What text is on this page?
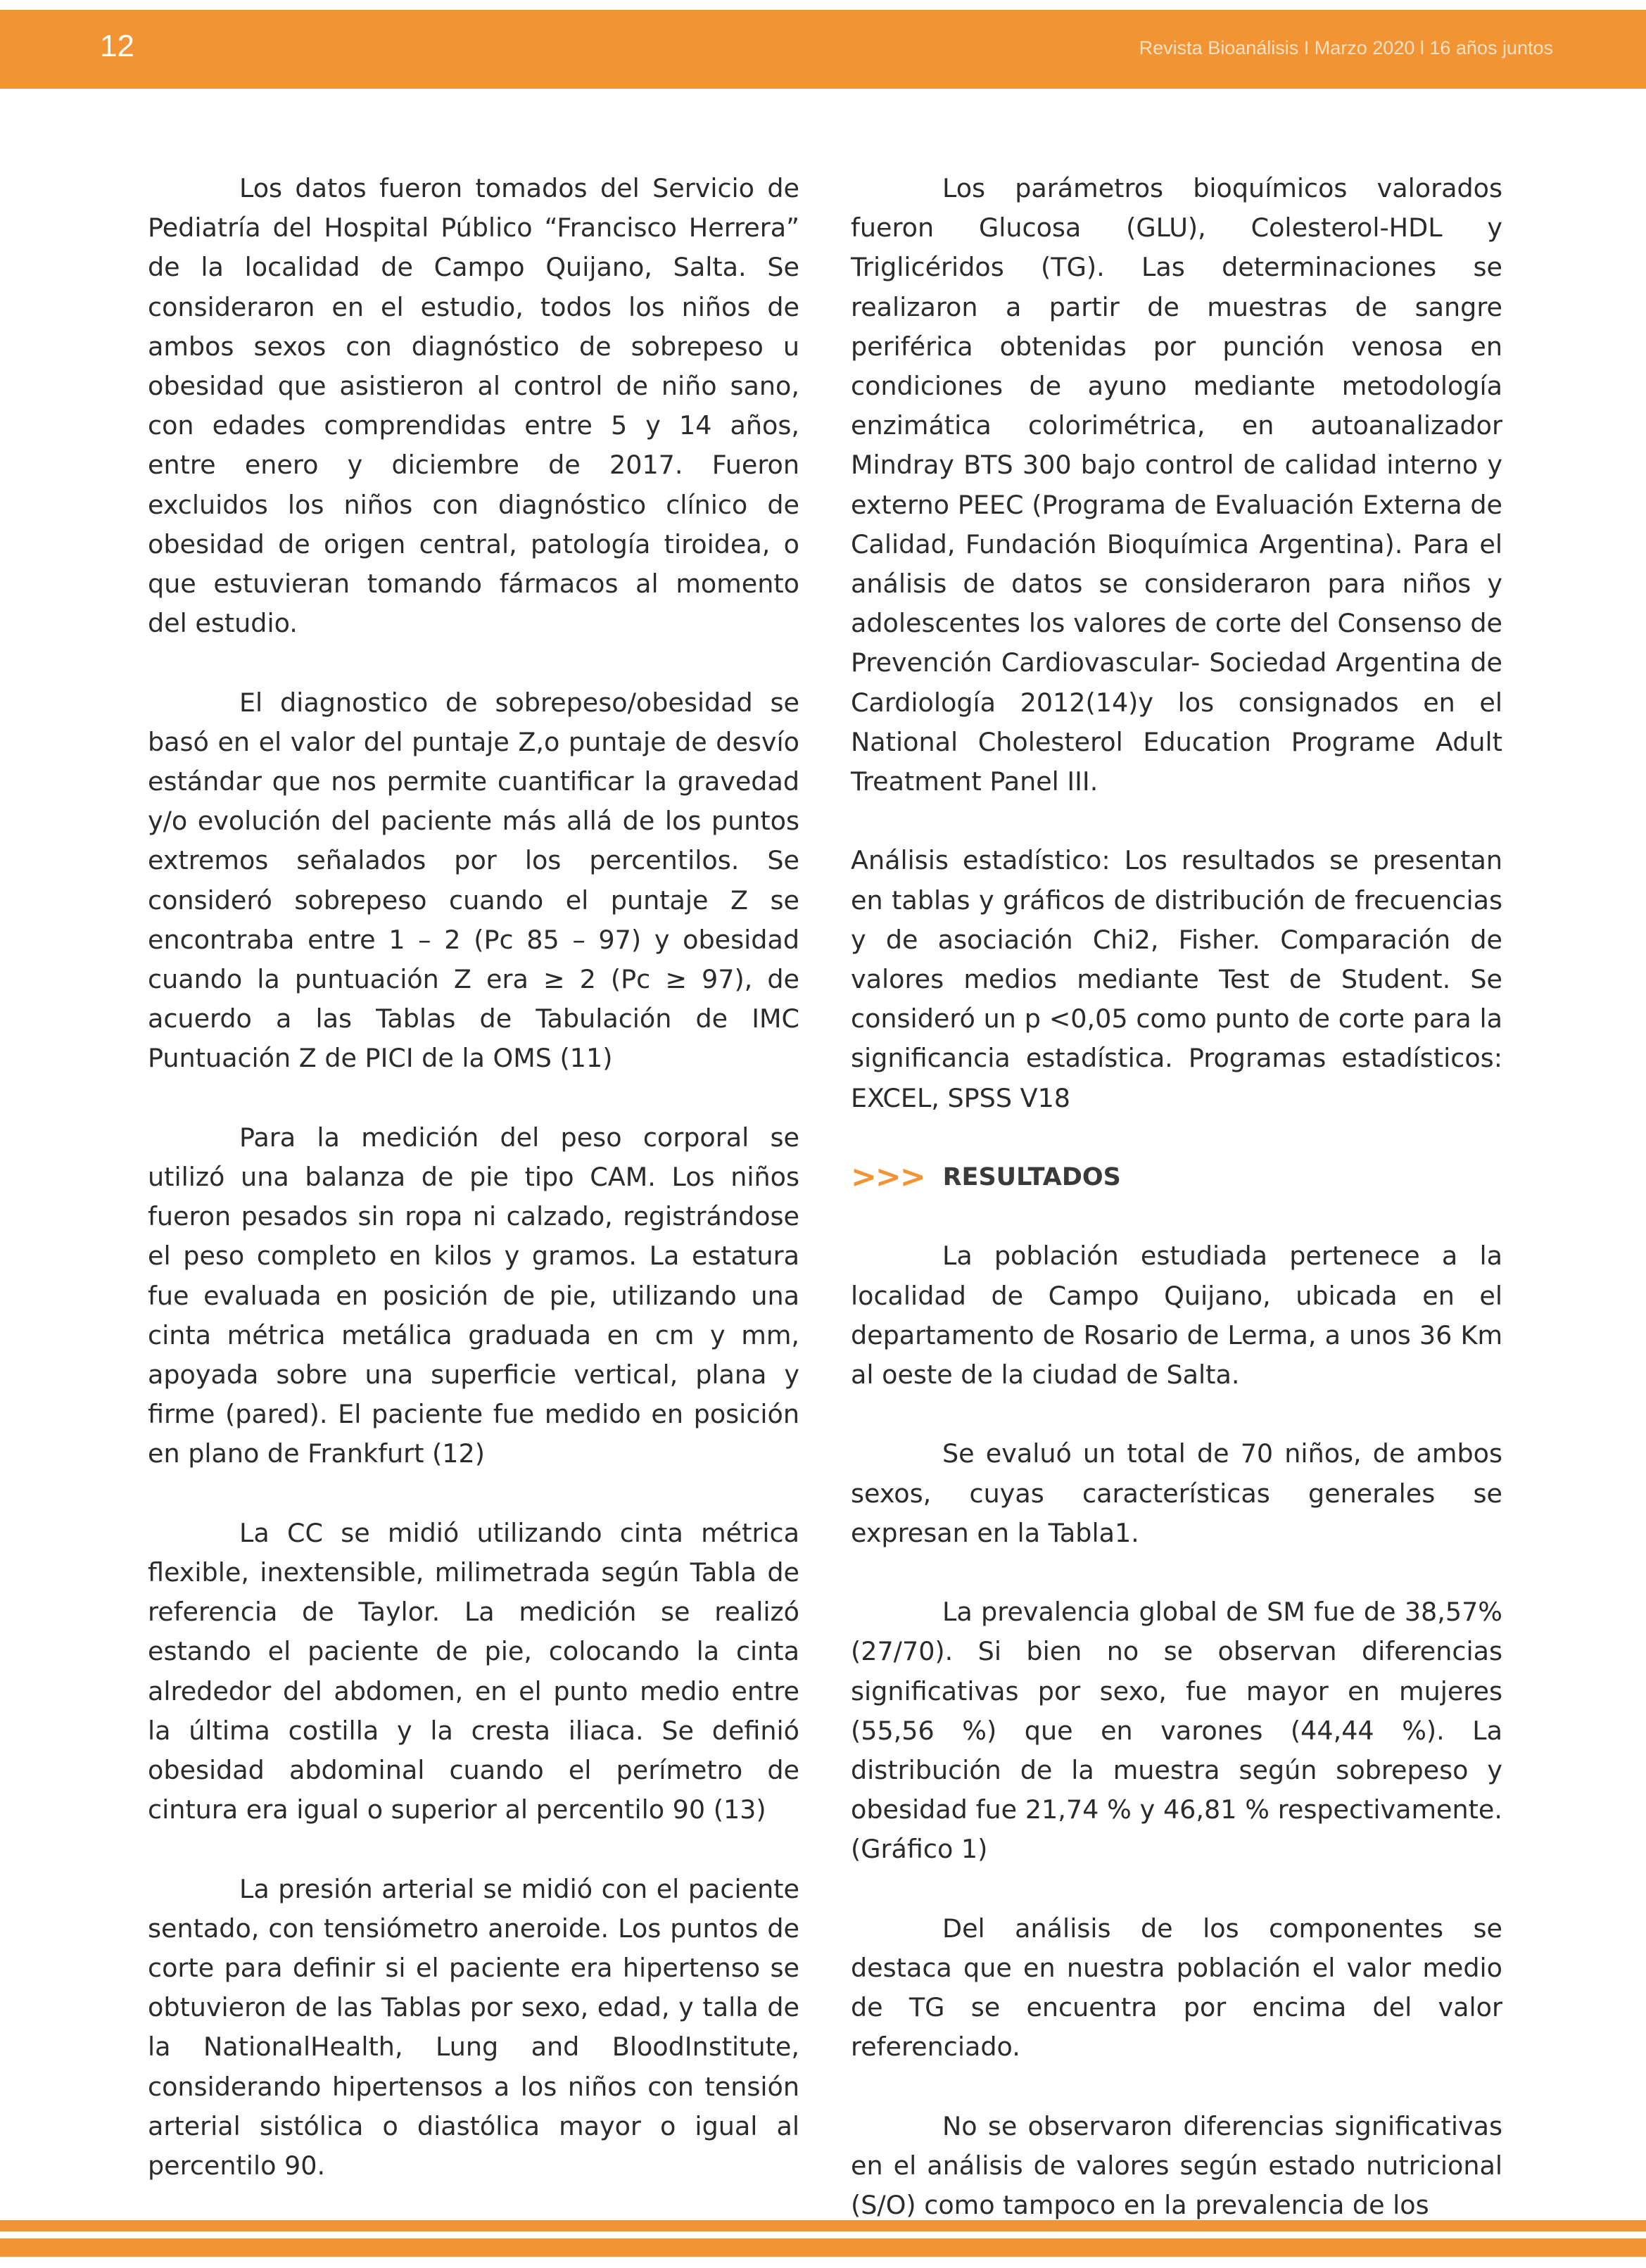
12	Revista Bioanálisis I Marzo 2020 l 16 años juntos

Los datos fueron tomados del Servicio de Pediatría del Hospital Público “Francisco Herrera” de la localidad de Campo Quijano, Salta. Se consideraron en el estudio, todos los niños de ambos sexos con diagnóstico de sobrepeso u obesidad que asistieron al control de niño sano, con edades comprendidas entre 5 y 14 años, entre enero y diciembre de 2017. Fueron excluidos los niños con diagnóstico clínico de obesidad de origen central, patología tiroidea, o que estuvieran tomando fármacos al momento del estudio.

El diagnostico de sobrepeso/obesidad se basó en el valor del puntaje Z,o puntaje de desvío estándar que nos permite cuantificar la gravedad y/o evolución del paciente más allá de los puntos extremos señalados por los percentilos. Se consideró sobrepeso cuando el puntaje Z se encontraba entre 1 – 2 (Pc 85 – 97) y obesidad cuando la puntuación Z era ≥ 2 (Pc ≥ 97), de acuerdo a las Tablas de Tabulación de IMC Puntuación Z de PICI de la OMS (11)

Para la medición del peso corporal se utilizó una balanza de pie tipo CAM. Los niños fueron pesados sin ropa ni calzado, registrándose el peso completo en kilos y gramos. La estatura fue evaluada en posición de pie, utilizando una cinta métrica metálica graduada en cm y mm, apoyada sobre una superficie vertical, plana y firme (pared). El paciente fue medido en posición en plano de Frankfurt (12)

La CC se midió utilizando cinta métrica flexible, inextensible, milimetrada según Tabla de referencia de Taylor. La medición se realizó estando el paciente de pie, colocando la cinta alrededor del abdomen, en el punto medio entre la última costilla y la cresta iliaca. Se definió obesidad abdominal cuando el perímetro de cintura era igual o superior al percentilo 90 (13)

La presión arterial se midió con el paciente sentado, con tensiómetro aneroide. Los puntos de corte para definir si el paciente era hipertenso se obtuvieron de las Tablas por sexo, edad, y talla de la NationalHealth, Lung and BloodInstitute, considerando hipertensos a los niños con tensión arterial sistólica o diastólica mayor o igual al percentilo 90.

Los parámetros bioquímicos valorados fueron Glucosa (GLU), Colesterol-HDL y Triglicéridos (TG). Las determinaciones se realizaron a partir de muestras de sangre periférica obtenidas por punción venosa en condiciones de ayuno mediante metodología enzimática colorimétrica, en autoanalizador Mindray BTS 300 bajo control de calidad interno y externo PEEC (Programa de Evaluación Externa de Calidad, Fundación Bioquímica Argentina). Para el análisis de datos se consideraron para niños y adolescentes los valores de corte del Consenso de Prevención Cardiovascular- Sociedad Argentina de Cardiología 2012(14)y los consignados en el National Cholesterol Education Programe Adult Treatment Panel III.

Análisis estadístico: Los resultados se presentan en tablas y gráficos de distribución de frecuencias y de asociación Chi2, Fisher. Comparación de valores medios mediante Test de Student. Se consideró un p <0,05 como punto de corte para la significancia estadística. Programas estadísticos: EXCEL, SPSS V18

>>> RESULTADOS

La población estudiada pertenece a la localidad de Campo Quijano, ubicada en el departamento de Rosario de Lerma, a unos 36 Km al oeste de la ciudad de Salta.

Se evaluó un total de 70 niños, de ambos sexos, cuyas características generales se expresan en la Tabla1.

La prevalencia global de SM fue de 38,57% (27/70). Si bien no se observan diferencias significativas por sexo, fue mayor en mujeres (55,56 %) que en varones (44,44 %). La distribución de la muestra según sobrepeso y obesidad fue 21,74 % y 46,81 % respectivamente. (Gráfico 1)

Del análisis de los componentes se destaca que en nuestra población el valor medio de TG se encuentra por encima del valor referenciado.

No se observaron diferencias significativas en el análisis de valores según estado nutricional (S/O) como tampoco en la prevalencia de los
